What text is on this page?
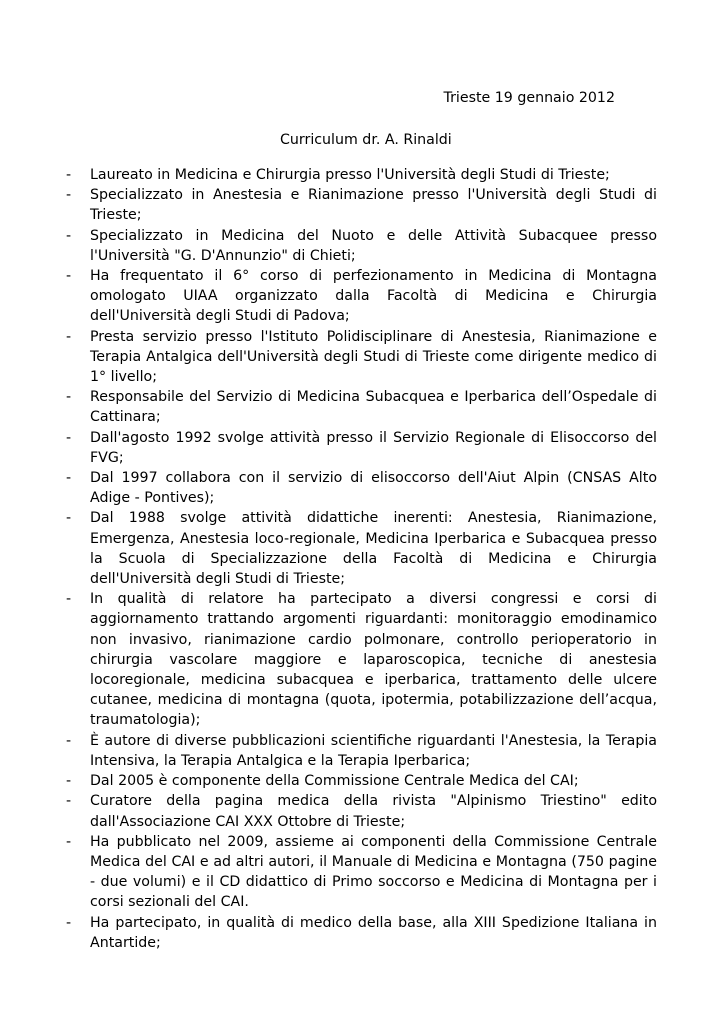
Trieste 19 gennaio 2012
Curriculum dr. A. Rinaldi
-	Laureato in Medicina e Chirurgia presso l'Università degli Studi di Trieste;
-	Specializzato in Anestesia e Rianimazione presso l'Università degli Studi di Trieste;
-	Specializzato in Medicina del Nuoto e delle Attività Subacquee presso l'Università "G. D'Annunzio" di Chieti;
-	Ha frequentato il 6° corso di perfezionamento in Medicina di Montagna omologato UIAA organizzato dalla Facoltà di Medicina e Chirurgia dell'Università degli Studi di Padova;
-	Presta servizio presso l'Istituto Polidisciplinare di Anestesia, Rianimazione e Terapia Antalgica dell'Università degli Studi di Trieste come dirigente medico di 1° livello;
-	Responsabile del Servizio di Medicina Subacquea e Iperbarica dell’Ospedale di Cattinara;
-	Dall'agosto 1992 svolge attività presso il Servizio Regionale di Elisoccorso del FVG;
-	Dal 1997 collabora con il servizio di elisoccorso dell'Aiut Alpin (CNSAS Alto Adige - Pontives);
-	Dal 1988 svolge attività didattiche inerenti: Anestesia, Rianimazione, Emergenza, Anestesia loco-regionale, Medicina Iperbarica e Subacquea presso la Scuola di Specializzazione della Facoltà di Medicina e Chirurgia dell'Università degli Studi di Trieste;
-	In qualità di relatore ha partecipato a diversi congressi e corsi di aggiornamento trattando argomenti riguardanti: monitoraggio emodinamico non invasivo, rianimazione cardio polmonare, controllo perioperatorio in chirurgia vascolare maggiore e laparoscopica, tecniche di anestesia locoregionale, medicina subacquea e iperbarica, trattamento delle ulcere cutanee, medicina di montagna (quota, ipotermia, potabilizzazione dell’acqua, traumatologia);
-	È autore di diverse pubblicazioni scientifiche riguardanti l'Anestesia, la Terapia Intensiva, la Terapia Antalgica e la Terapia Iperbarica;
-	Dal 2005 è componente della Commissione Centrale Medica del CAI;
-	Curatore della pagina medica della rivista "Alpinismo Triestino" edito dall'Associazione CAI XXX Ottobre di Trieste;
-	Ha pubblicato nel 2009, assieme ai componenti della Commissione Centrale Medica del CAI e ad altri autori, il Manuale di Medicina e Montagna (750 pagine - due volumi) e il CD didattico di Primo soccorso e Medicina di Montagna per i corsi sezionali del CAI.
-	Ha partecipato, in qualità di medico della base, alla XIII Spedizione Italiana in Antartide;
